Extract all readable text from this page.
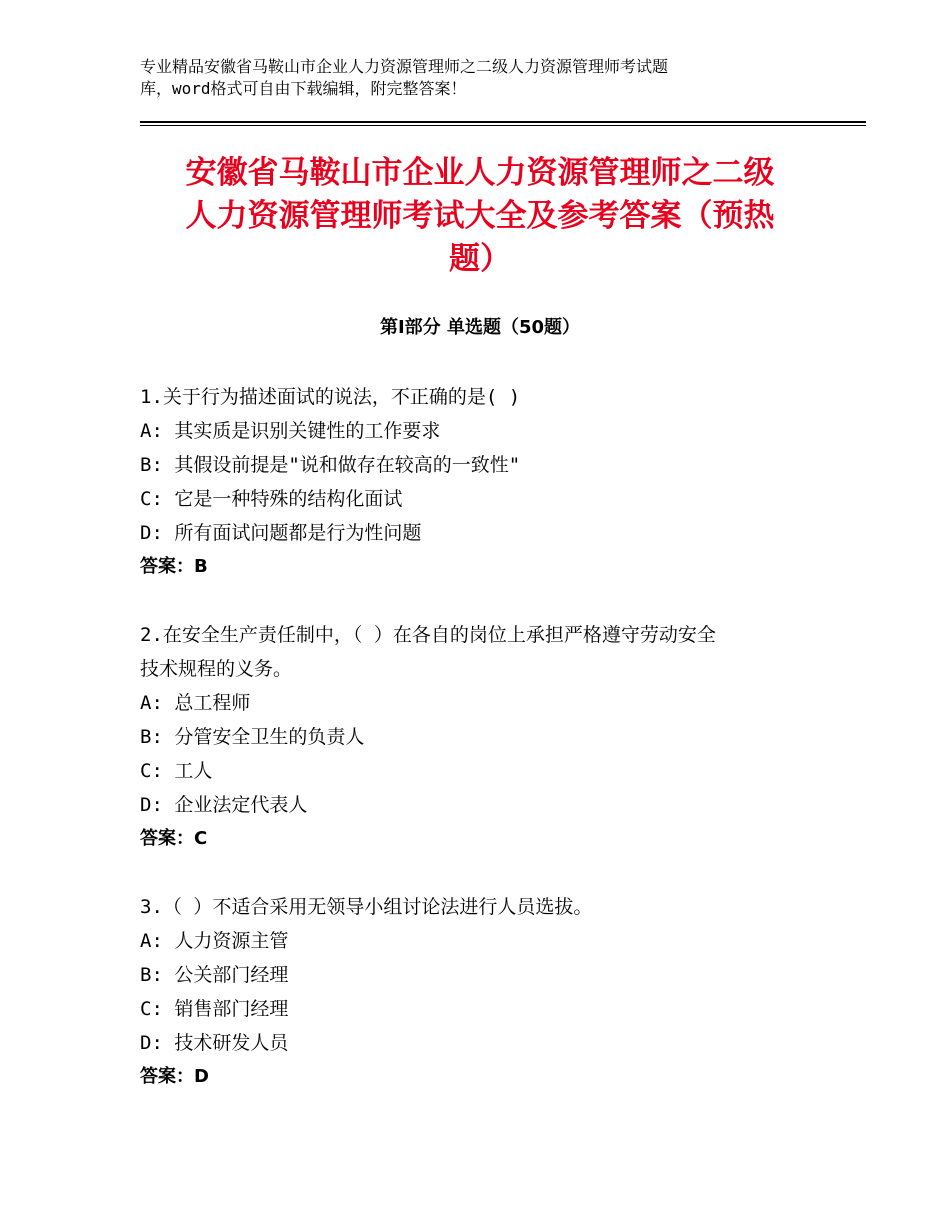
专业精品安徽省马鞍山市企业人力资源管理师之二级人力资源管理师考试题
库，word格式可自由下载编辑，附完整答案！
安徽省马鞍山市企业人力资源管理师之二级
人力资源管理师考试大全及参考答案（预热
题）
第Ⅰ部分 单选题（50题）
1.关于行为描述面试的说法，不正确的是( )
A: 其实质是识别关键性的工作要求
B: 其假设前提是"说和做存在较高的一致性"
C: 它是一种特殊的结构化面试
D: 所有面试问题都是行为性问题
答案：B
2.在安全生产责任制中，（ ）在各自的岗位上承担严格遵守劳动安全
技术规程的义务。
A: 总工程师
B: 分管安全卫生的负责人
C: 工人
D: 企业法定代表人
答案：C
3.（ ）不适合采用无领导小组讨论法进行人员选拔。
A: 人力资源主管
B: 公关部门经理
C: 销售部门经理
D: 技术研发人员
答案：D
